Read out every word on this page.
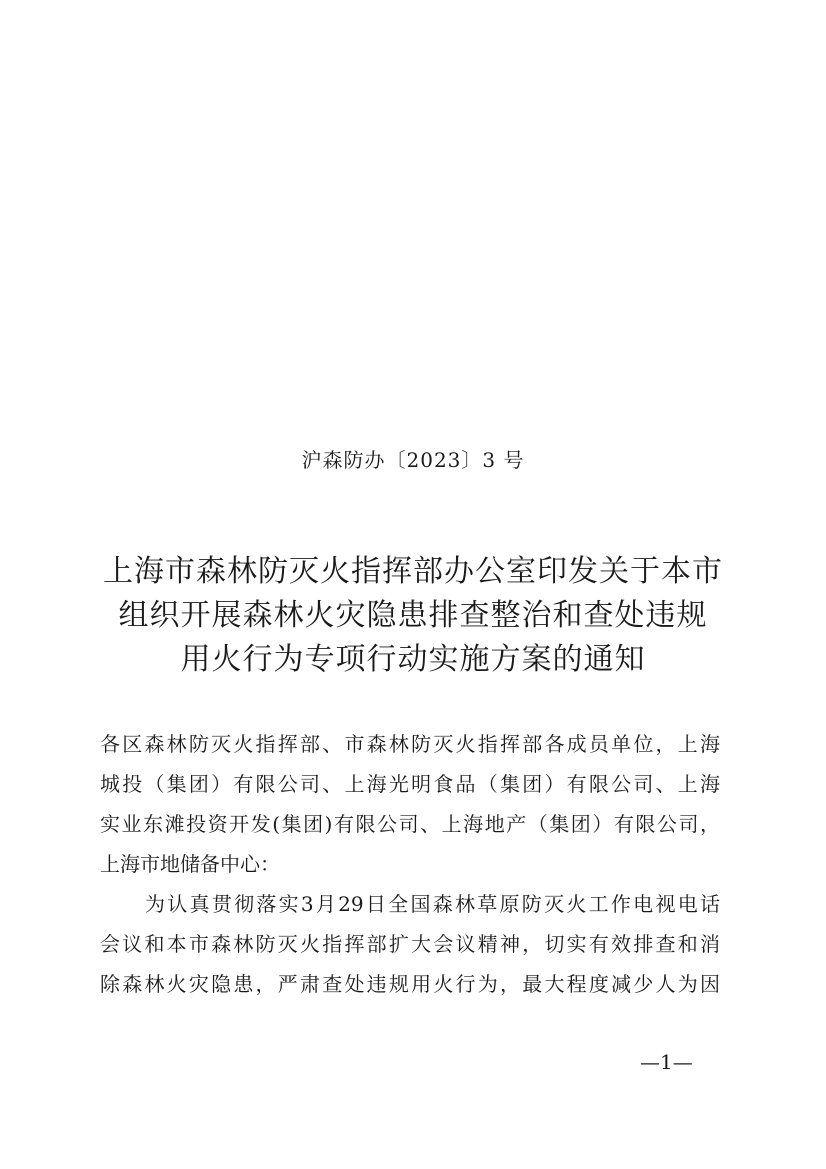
沪森防办〔2023〕3 号
上海市森林防灭火指挥部办公室印发关于本市
组织开展森林火灾隐患排查整治和查处违规
用火行为专项行动实施方案的通知
各区森林防灭火指挥部、市森林防灭火指挥部各成员单位，上海
城投（集团）有限公司、上海光明食品（集团）有限公司、上海
实业东滩投资开发(集团)有限公司、上海地产（集团）有限公司，
上海市地储备中心：
为认真贯彻落实3月29日全国森林草原防灭火工作电视电话
会议和本市森林防灭火指挥部扩大会议精神，切实有效排查和消
除森林火灾隐患，严肃查处违规用火行为，最大程度减少人为因
—1—
